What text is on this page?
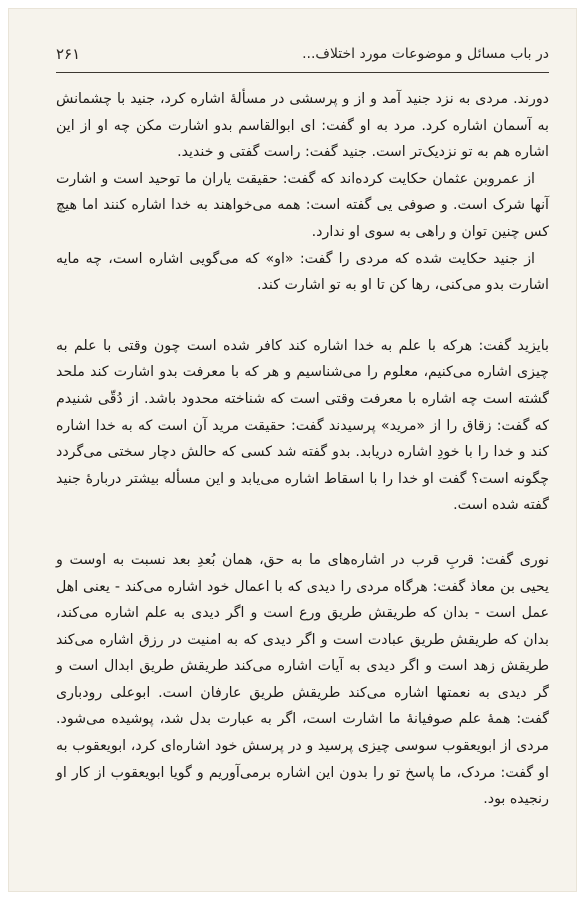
در باب مسائل و موضوعات مورد اختلاف...
۲۶۱

دورند. مردی به نزد جنید آمد و از و پرسشی در مسألهٔ اشاره کرد، جنید با چشمانش به آسمان اشاره کرد. مرد به او گفت: ای ابوالقاسم بدو اشارت مکن چه او از این اشاره هم به تو نزدیک‌تر است. جنید گفت: راست گفتی و خندید.

از عمروبن عثمان حکایت کرده‌اند که گفت: حقیقت یاران ما توحید است و اشارت آنها شرک است. و صوفی یی گفته است: همه می‌خواهند به خدا اشاره کنند اما هیچ کس چنین توان و راهی به سوی او ندارد.

از جنید حکایت شده که مردی را گفت: «او» که می‌گویی اشاره است، چه مایه اشارت بدو می‌کنی، رها کن تا او به تو اشارت کند.

بایزید گفت: هرکه با علم به خدا اشاره کند کافر شده است چون وقتی با علم به چیزی اشاره می‌کنیم، معلوم را می‌شناسیم و هر که با معرفت بدو اشارت کند ملحد گشته است چه اشاره با معرفت وقتی است که شناخته محدود باشد. از دُقّی شنیدم که گفت: زقاق را از «مرید» پرسیدند گفت: حقیقت مرید آن است که به خدا اشاره کند و خدا را با خودِ اشاره دریابد. بدو گفته شد کسی که حالش دچار سختی می‌گردد چگونه است؟ گفت او خدا را با اسقاط اشاره می‌یابد و این مسأله بیشتر دربارهٔ جنید گفته شده است.

نوری گفت: قربِ قرب در اشاره‌های ما به حق، همان بُعدِ بعد نسبت به اوست و یحیی بن معاذ گفت: هرگاه مردی را دیدی که با اعمال خود اشاره می‌کند - یعنی اهل عمل است - بدان که طریقش طریق ورع است و اگر دیدی به علم اشاره می‌کند، بدان که طریقش طریق عبادت است و اگر دیدی که به امنیت در رزق اشاره می‌کند طریقش زهد است و اگر دیدی به آیات اشاره می‌کند طریقش طریق ابدال است و گر دیدی به نعمتها اشاره می‌کند طریقش طریق عارفان است. ابوعلی رودباری گفت: همهٔ علم صوفیانهٔ ما اشارت است، اگر به عبارت بدل شد، پوشیده می‌شود. مردی از ابویعقوب سوسی چیزی پرسید و در پرسش خود اشاره‌ای کرد، ابویعقوب به او گفت: مردک، ما پاسخ تو را بدون این اشاره برمی‌آوریم و گویا ابویعقوب از کار او رنجیده بود.
